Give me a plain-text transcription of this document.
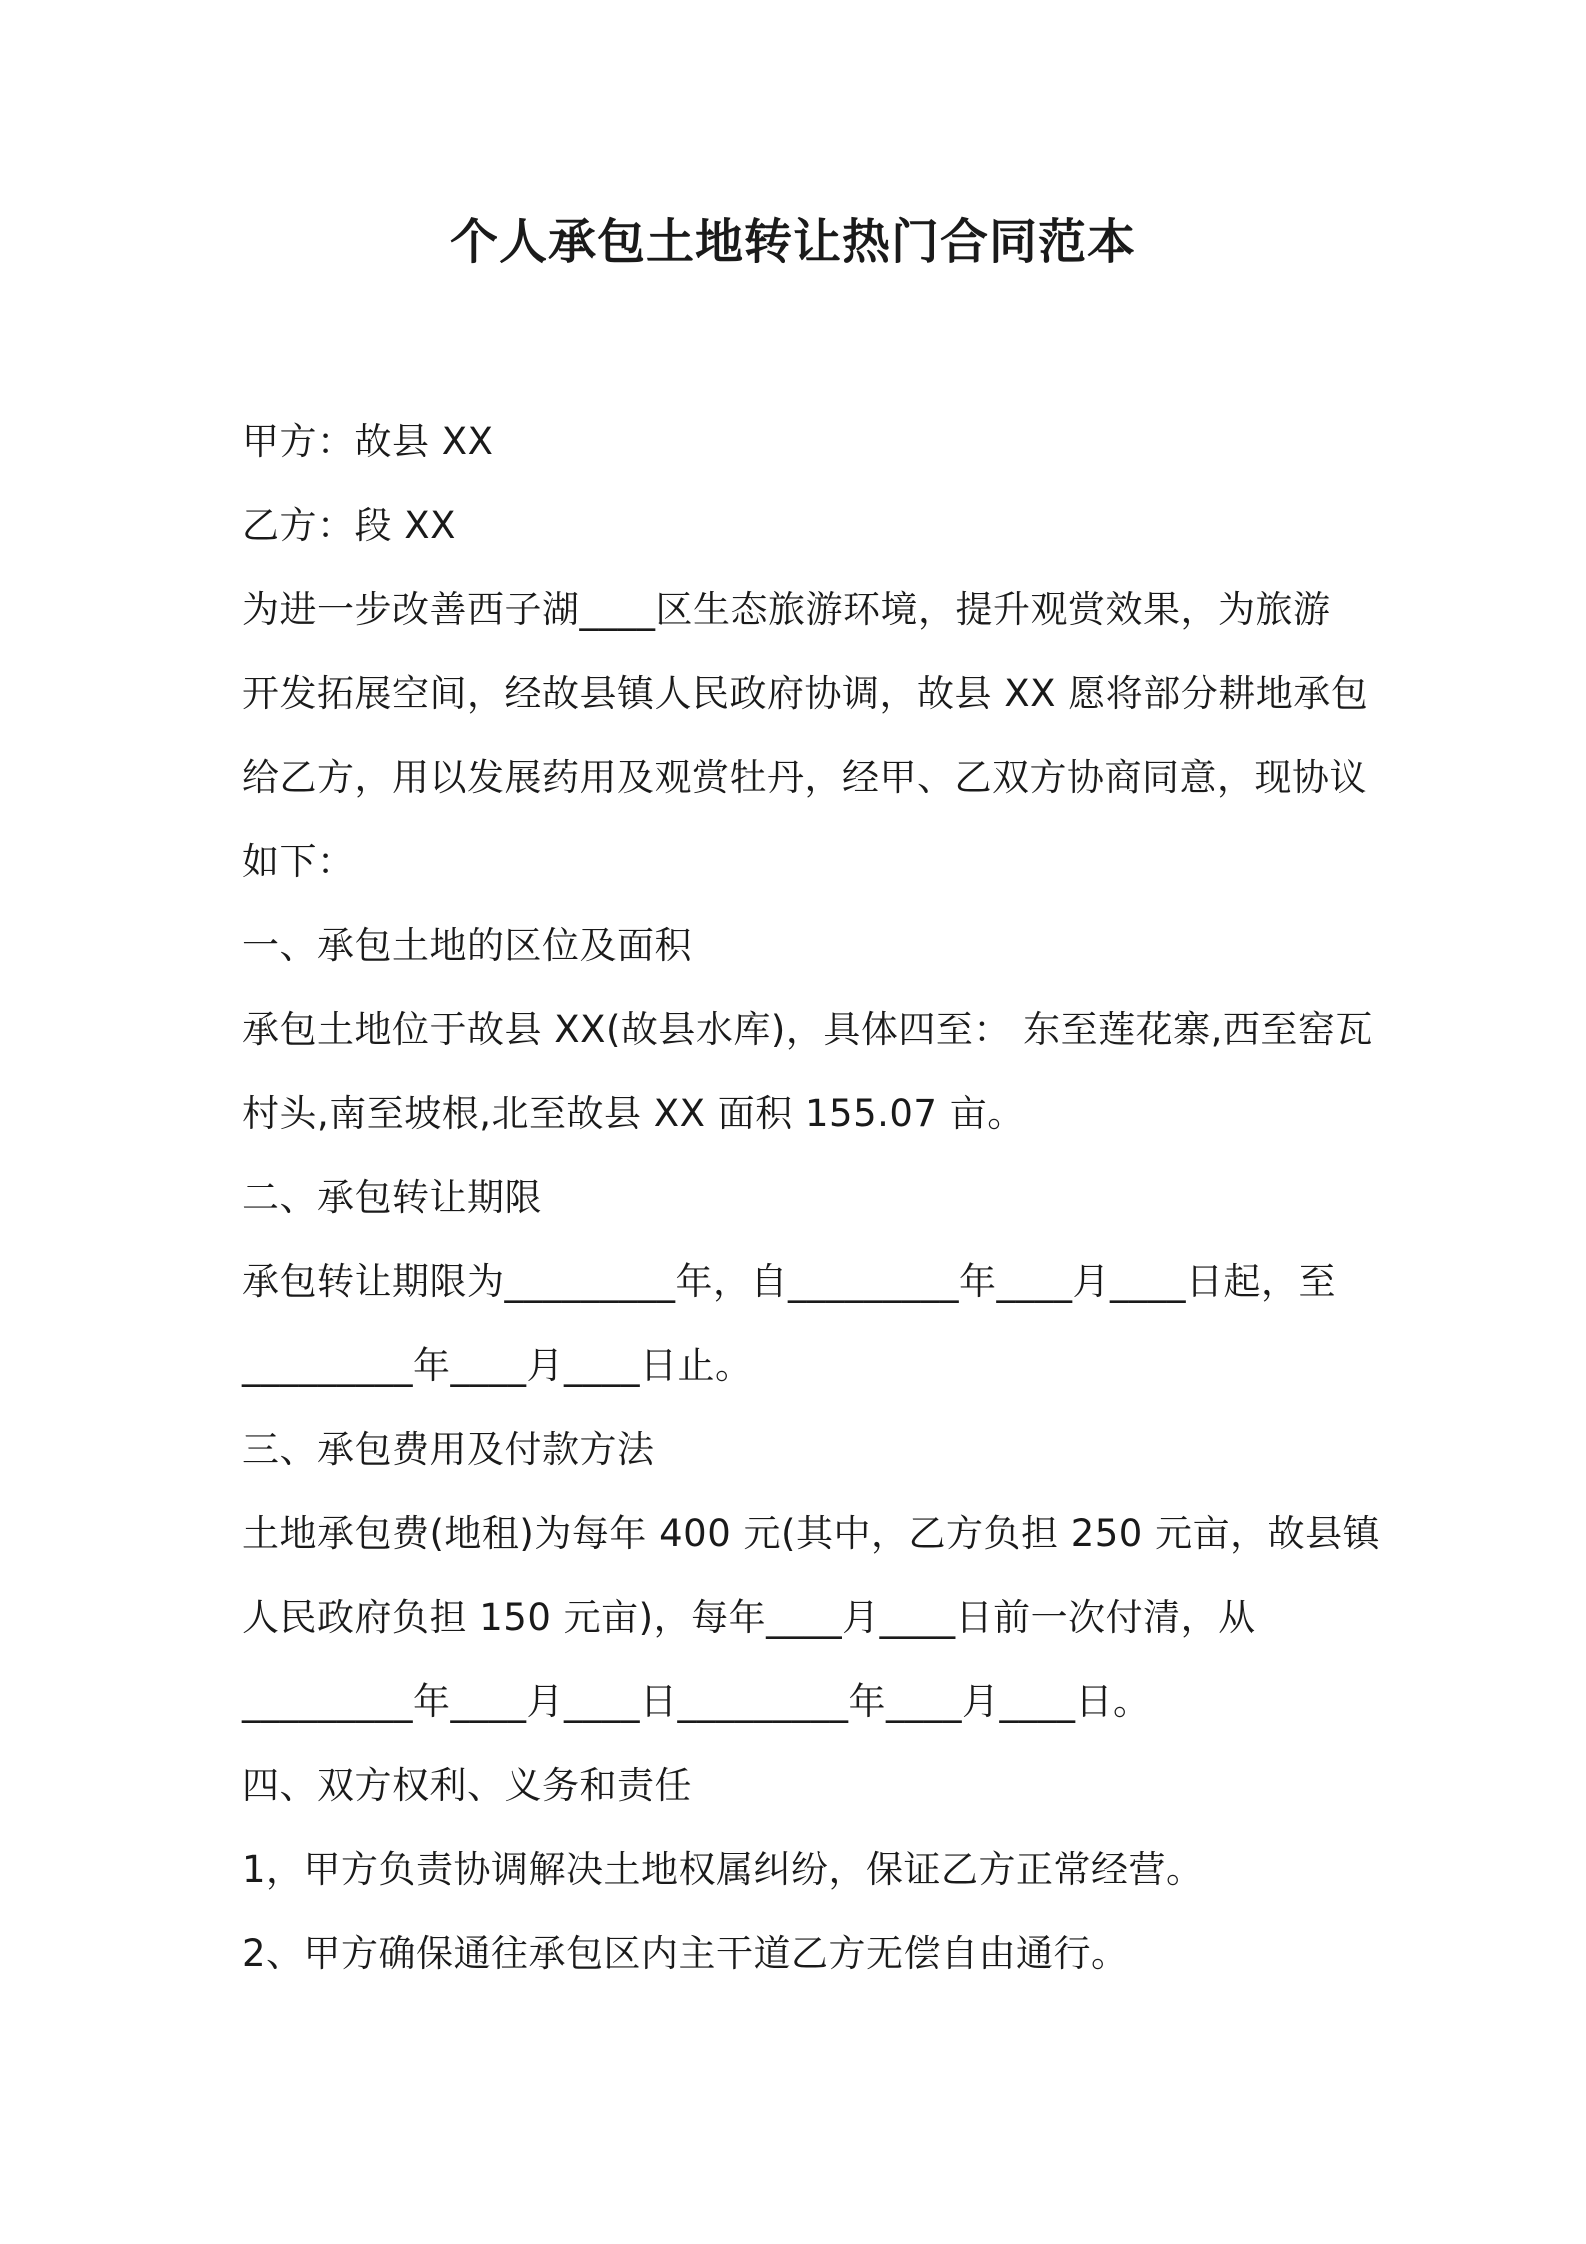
个人承包土地转让热门合同范本
甲方：故县 XX
乙方：段 XX
为进一步改善西子湖____区生态旅游环境，提升观赏效果，为旅游
开发拓展空间，经故县镇人民政府协调，故县 XX 愿将部分耕地承包
给乙方，用以发展药用及观赏牡丹，经甲、乙双方协商同意，现协议
如下：
一、承包土地的区位及面积
承包土地位于故县 XX(故县水库)，具体四至： 东至莲花寨,西至窑瓦
村头,南至坡根,北至故县 XX 面积 155.07 亩。
二、承包转让期限
承包转让期限为_________年，自_________年____月____日起，至
_________年____月____日止。
三、承包费用及付款方法
土地承包费(地租)为每年 400 元(其中，乙方负担 250 元亩，故县镇
人民政府负担 150 元亩)，每年____月____日前一次付清，从
_________年____月____日_________年____月____日。
四、双方权利、义务和责任
1，甲方负责协调解决土地权属纠纷，保证乙方正常经营。
2、甲方确保通往承包区内主干道乙方无偿自由通行。
